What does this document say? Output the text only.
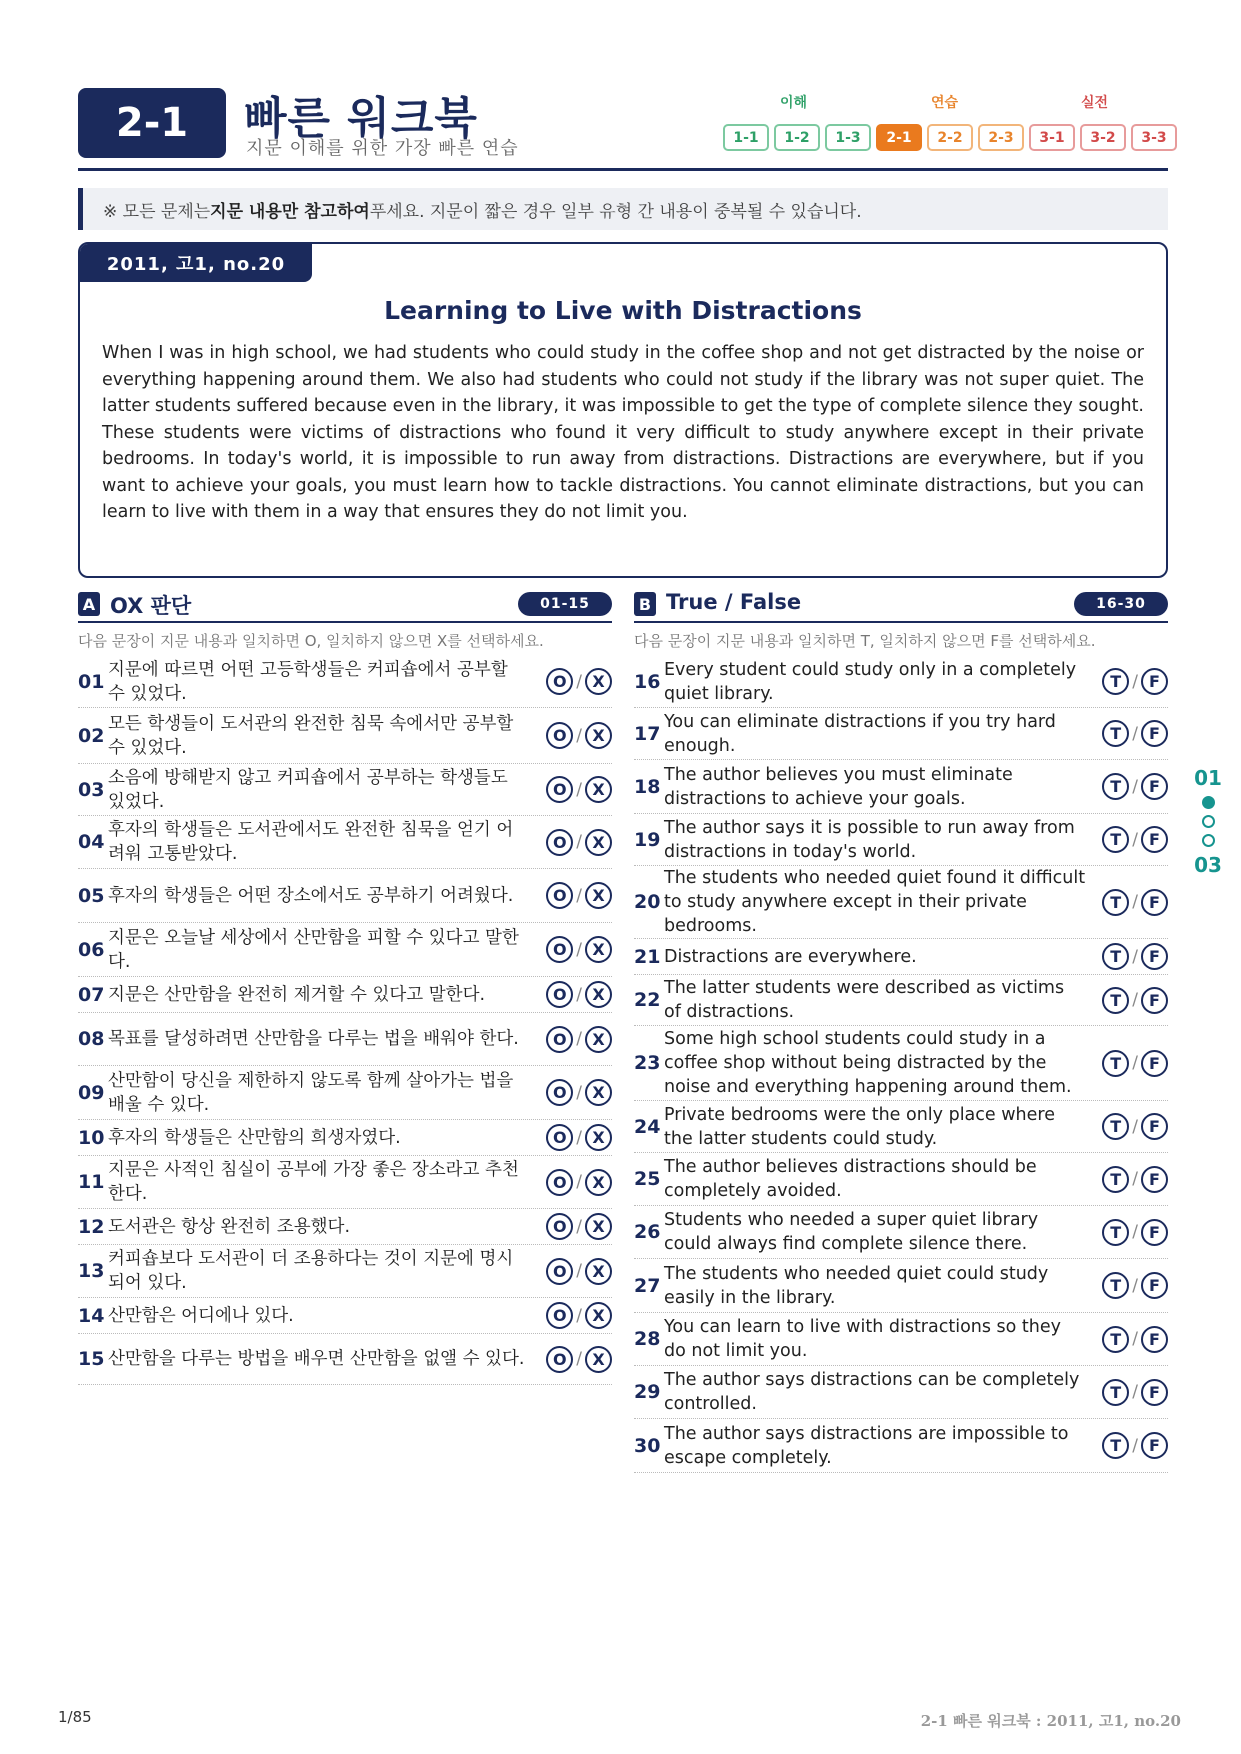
2-1	빠른 워크북
지문 이해를 위한 가장 빠른 연습
이해	연습	실전
1-1	1-2	1-3	2-1	2-2	2-3	3-1	3-2	3-3
※ 모든 문제는 지문 내용만 참고하여 푸세요. 지문이 짧은 경우 일부 유형 간 내용이 중복될 수 있습니다.
2011, 고1, no.20
Learning to Live with Distractions
When I was in high school, we had students who could study in the coffee shop and not get distracted by the noise or everything happening around them. We also had students who could not study if the library was not super quiet. The latter students suffered because even in the library, it was impossible to get the type of complete silence they sought. These students were victims of distractions who found it very difficult to study anywhere except in their private bedrooms. In today's world, it is impossible to run away from distractions. Distractions are everywhere, but if you want to achieve your goals, you must learn how to tackle distractions. You cannot eliminate distractions, but you can learn to live with them in a way that ensures they do not limit you.
A OX 판단	01-15
다음 문장이 지문 내용과 일치하면 O, 일치하지 않으면 X를 선택하세요.
B True / False	16-30
다음 문장이 지문 내용과 일치하면 T, 일치하지 않으면 F를 선택하세요.
01
지문에 따르면 어떤 고등학생들은 커피숍에서 공부할 수 있었다.
O / X
02
모든 학생들이 도서관의 완전한 침묵 속에서만 공부할 수 있었다.
O / X
03
소음에 방해받지 않고 커피숍에서 공부하는 학생들도 있었다.
O / X
04
후자의 학생들은 도서관에서도 완전한 침묵을 얻기 어려워 고통받았다.
O / X
05 후자의 학생들은 어떤 장소에서도 공부하기 어려웠다.	O / X
06
지문은 오늘날 세상에서 산만함을 피할 수 있다고 말한다.
O / X
07 지문은 산만함을 완전히 제거할 수 있다고 말한다.	O / X
08 목표를 달성하려면 산만함을 다루는 법을 배워야 한다.	O / X
09
산만함이 당신을 제한하지 않도록 함께 살아가는 법을 배울 수 있다.
O / X
10 후자의 학생들은 산만함의 희생자였다.	O / X
11
지문은 사적인 침실이 공부에 가장 좋은 장소라고 추천한다.
O / X
12 도서관은 항상 완전히 조용했다.	O / X
13
커피숍보다 도서관이 더 조용하다는 것이 지문에 명시되어 있다.
O / X
14 산만함은 어디에나 있다.	O / X
15 산만함을 다루는 방법을 배우면 산만함을 없앨 수 있다.	O / X
16
Every student could study only in a completely quiet library.
T / F
17
You can eliminate distractions if you try hard enough.
T / F
18
The author believes you must eliminate distractions to achieve your goals.
T / F
19
The author says it is possible to run away from distractions in today's world.
T / F
20
The students who needed quiet found it difficult to study anywhere except in their private bedrooms.
T / F
21 Distractions are everywhere.	T / F
22
The latter students were described as victims of distractions.
T / F
23
Some high school students could study in a coffee shop without being distracted by the noise and everything happening around them.
T / F
24
Private bedrooms were the only place where the latter students could study.
T / F
25
The author believes distractions should be completely avoided.
T / F
26
Students who needed a super quiet library could always find complete silence there.
T / F
27
The students who needed quiet could study easily in the library.
T / F
28
You can learn to live with distractions so they do not limit you.
T / F
29
The author says distractions can be completely controlled.
T / F
30
The author says distractions are impossible to escape completely.
T / F
01
03
1/85	2-1 빠른 워크북 : 2011, 고1, no.20
